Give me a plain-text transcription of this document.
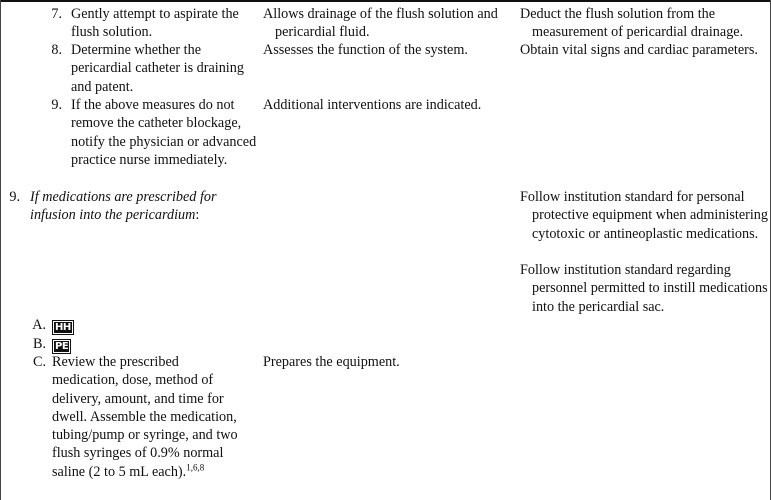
7. Gently attempt to aspirate the flush solution.
Allows drainage of the flush solution and pericardial fluid.
Deduct the flush solution from the measurement of pericardial drainage.
8. Determine whether the pericardial catheter is draining and patent.
Assesses the function of the system.	Obtain vital signs and cardiac parameters.
9. If the above measures do not remove the catheter blockage, notify the physician or advanced practice nurse immediately.
Additional interventions are indicated.
9. If medications are prescribed for infusion into the pericardium:
Follow institution standard for personal protective equipment when administering cytotoxic or antineoplastic medications.
Follow institution standard regarding personnel permitted to instill medications into the pericardial sac.
A. HH
B. PE
C. Review the prescribed medication, dose, method of delivery, amount, and time for dwell. Assemble the medication, tubing/pump or syringe, and two flush syringes of 0.9% normal saline (2 to 5 mL each).$^{1,6,8}$
Prepares the equipment.
